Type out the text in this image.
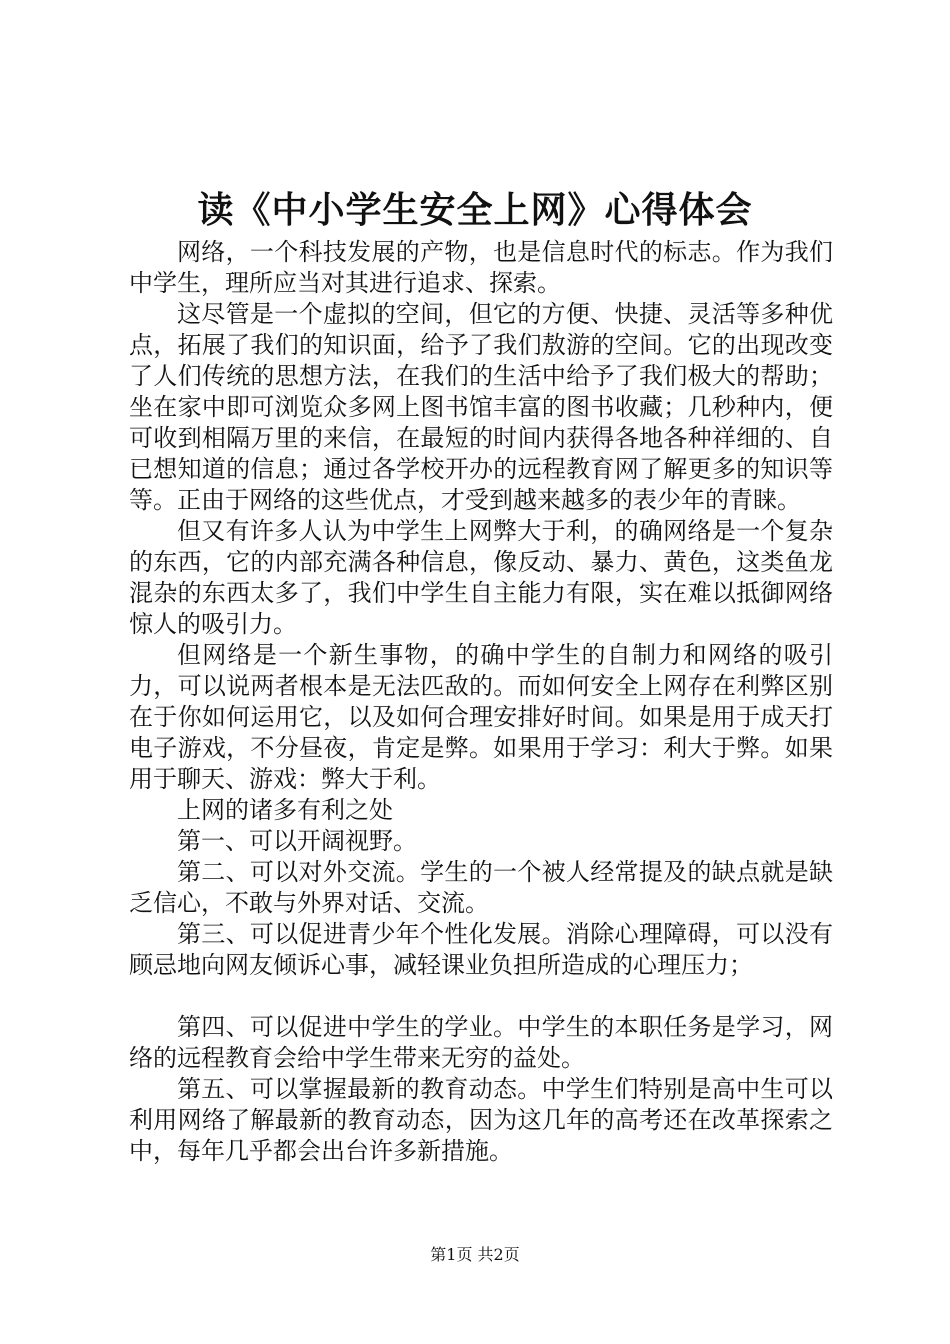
读《中小学生安全上网》心得体会

网络，一个科技发展的产物，也是信息时代的标志。作为我们中学生，理所应当对其进行追求、探索。

这尽管是一个虚拟的空间，但它的方便、快捷、灵活等多种优点，拓展了我们的知识面，给予了我们敖游的空间。它的出现改变了人们传统的思想方法，在我们的生活中给予了我们极大的帮助；坐在家中即可浏览众多网上图书馆丰富的图书收藏；几秒种内，便可收到相隔万里的来信，在最短的时间内获得各地各种祥细的、自已想知道的信息；通过各学校开办的远程教育网了解更多的知识等等。正由于网络的这些优点，才受到越来越多的表少年的青睐。

但又有许多人认为中学生上网弊大于利，的确网络是一个复杂的东西，它的内部充满各种信息，像反动、暴力、黄色，这类鱼龙混杂的东西太多了，我们中学生自主能力有限，实在难以抵御网络惊人的吸引力。

但网络是一个新生事物，的确中学生的自制力和网络的吸引力，可以说两者根本是无法匹敌的。而如何安全上网存在利弊区别在于你如何运用它，以及如何合理安排好时间。如果是用于成天打电子游戏，不分昼夜，肯定是弊。如果用于学习：利大于弊。如果用于聊天、游戏：弊大于利。

上网的诸多有利之处

第一、可以开阔视野。

第二、可以对外交流。学生的一个被人经常提及的缺点就是缺乏信心，不敢与外界对话、交流。

第三、可以促进青少年个性化发展。消除心理障碍，可以没有顾忌地向网友倾诉心事，减轻课业负担所造成的心理压力；

第四、可以促进中学生的学业。中学生的本职任务是学习，网络的远程教育会给中学生带来无穷的益处。

第五、可以掌握最新的教育动态。中学生们特别是高中生可以利用网络了解最新的教育动态，因为这几年的高考还在改革探索之中，每年几乎都会出台许多新措施。

第1页 共2页
